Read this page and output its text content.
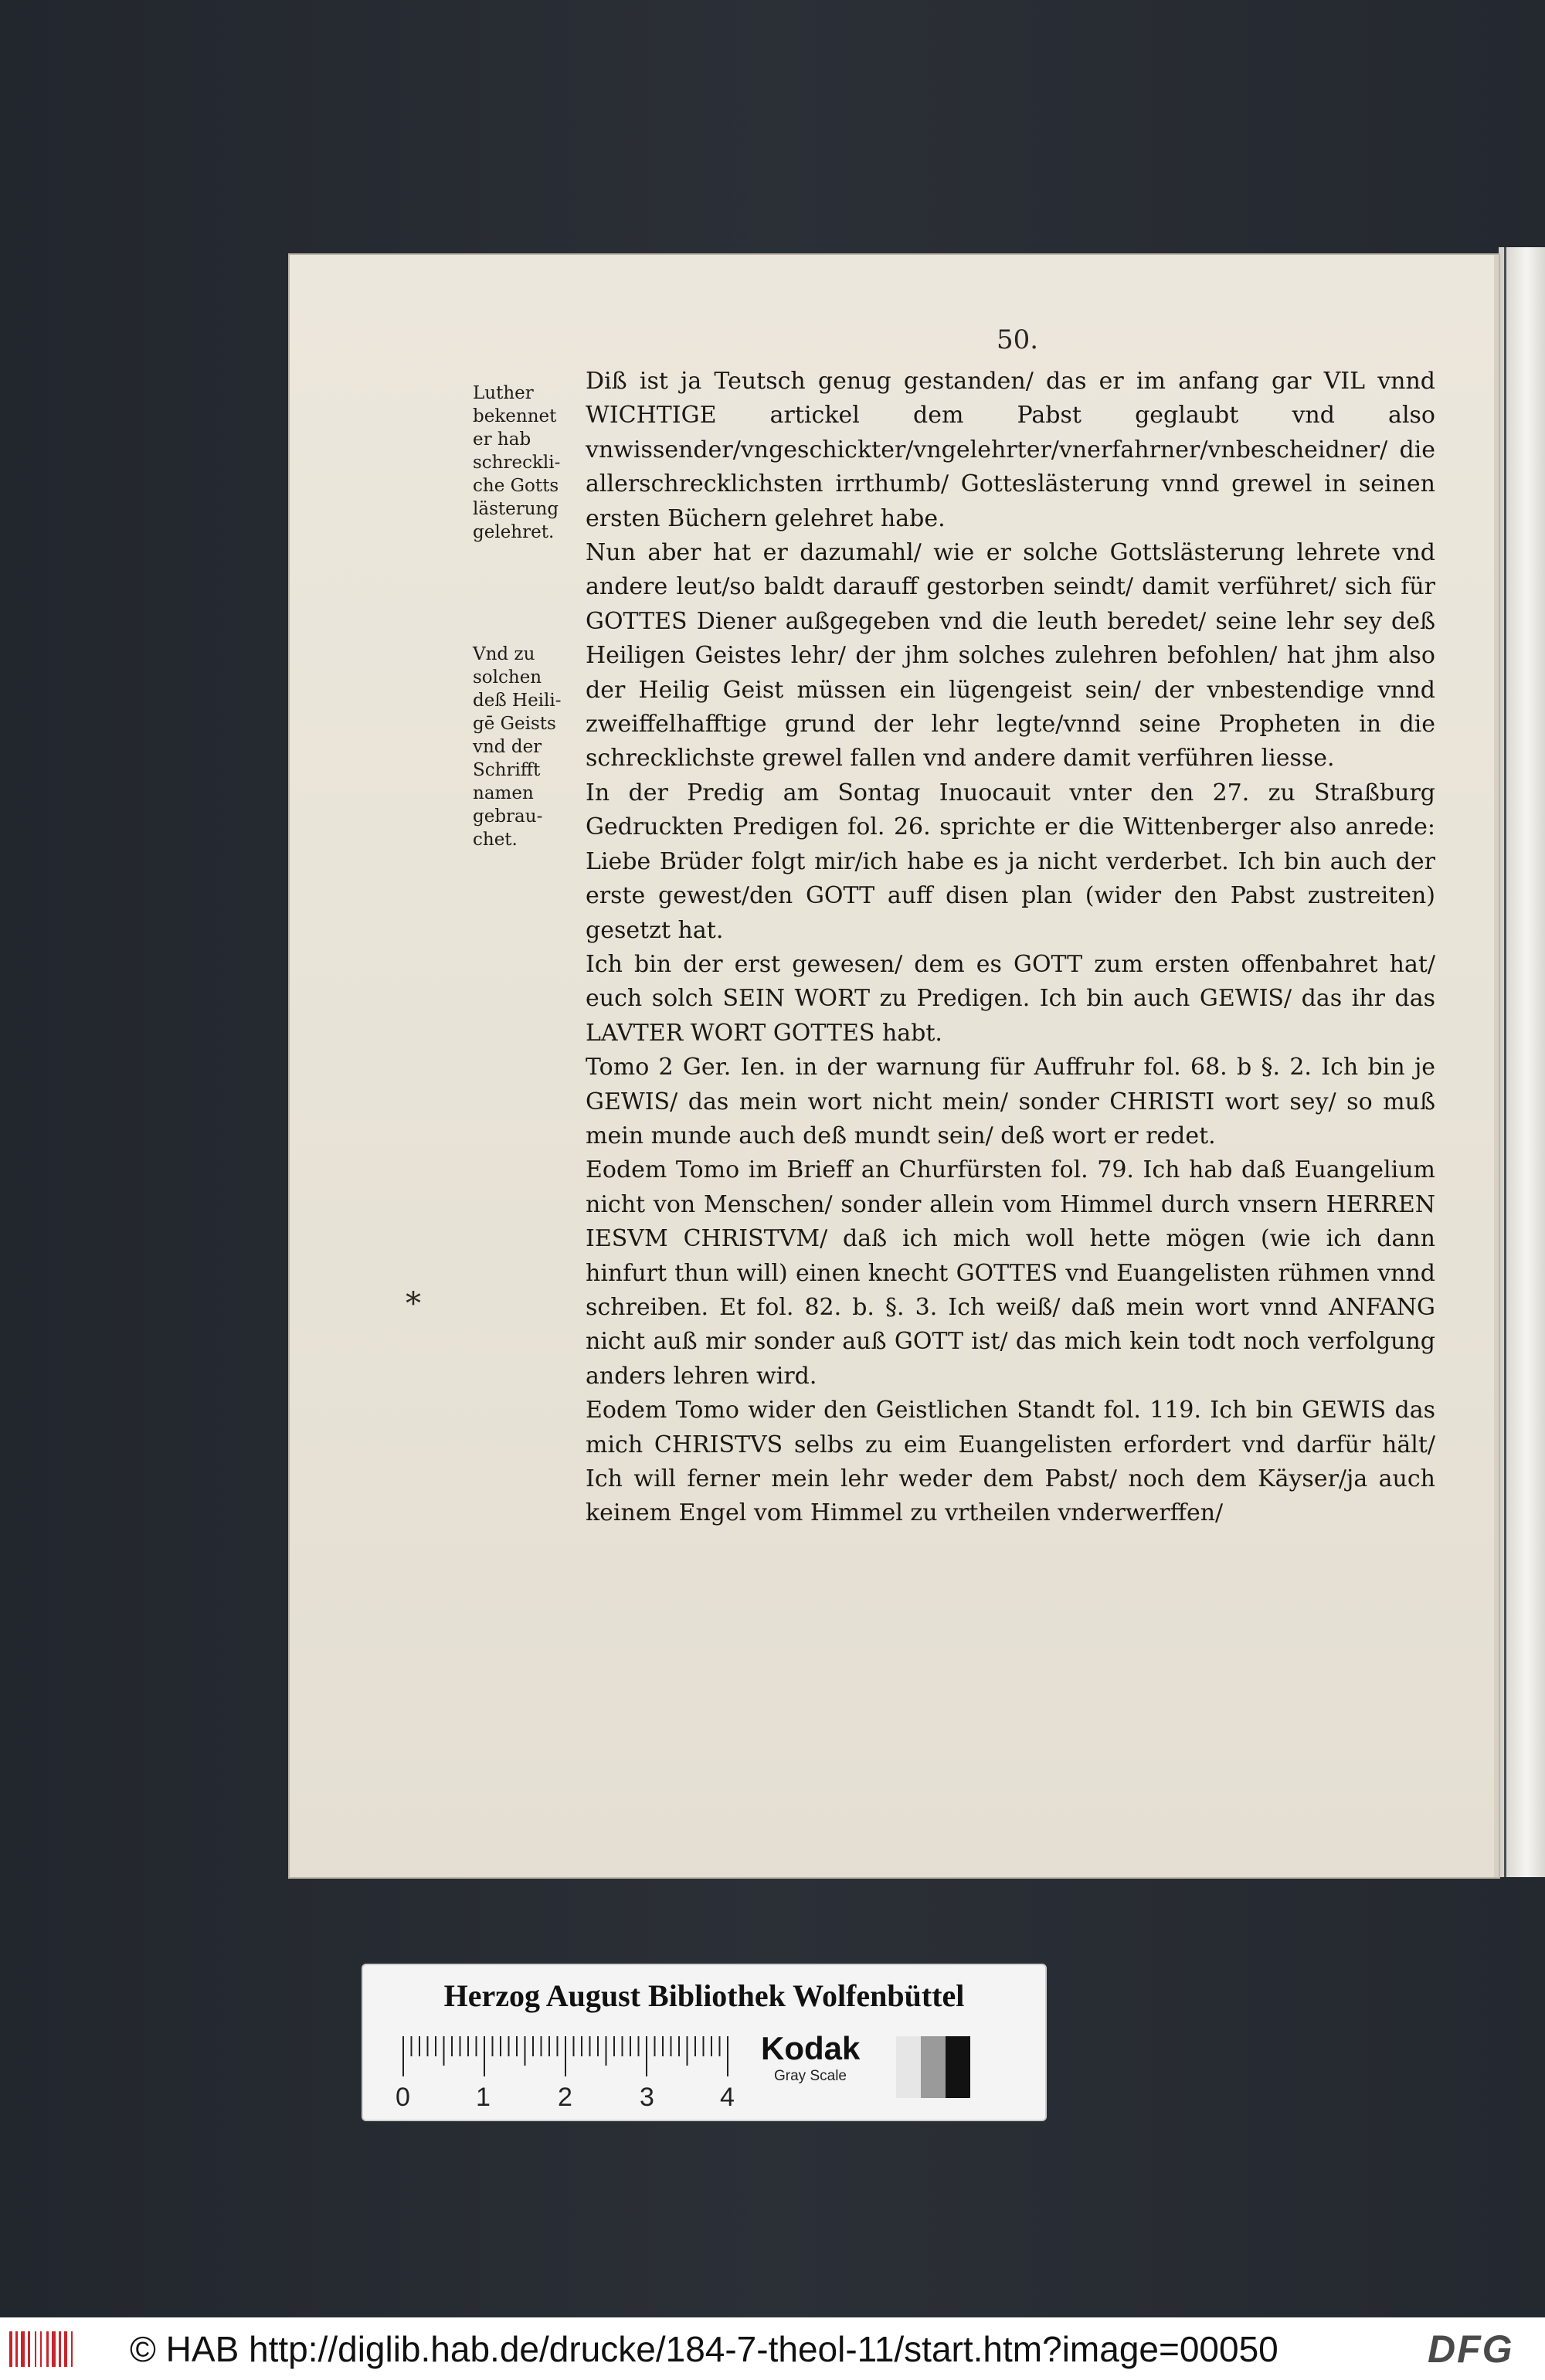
50.
Luther
bekennet
er hab
schreckli-
che Gotts
lästerung
gelehret.
Vnd zu
solchen
deß Heili-
gē Geists
vnd der
Schrifft
namen
gebrau-
chet.

Diß ist ja Teutsch genug gestanden/ das er im anfang gar VIL vnnd WICHTIGE artickel dem Pabst geglaubt vnd also vnwissender/vngeschickter/vngelehrter/vnerfahrner/vnbescheidner/ die allerschrecklichsten irrthumb/ Gotteslästerung vnnd grewel in seinen ersten Büchern gelehret habe.

Nun aber hat er dazumahl/ wie er solche Gottslästerung lehrete vnd andere leut/so baldt darauff gestorben seindt/ damit verführet/ sich für GOTTES Diener außgegeben vnd die leuth beredet/ seine lehr sey deß Heiligen Geistes lehr/ der jhm solches zulehren befohlen/ hat jhm also der Heilig Geist müssen ein lügengeist sein/ der vnbestendige vnnd zweiffelhafftige grund der lehr legte/vnnd seine Propheten in die schrecklichste grewel fallen vnd andere damit verführen liesse.

In der Predig am Sontag Inuocauit vnter den 27. zu Straßburg Gedruckten Predigen fol. 26. sprichte er die Wittenberger also anrede: Liebe Brüder folgt mir/ich habe es ja nicht verderbet. Ich bin auch der erste gewest/den GOTT auff disen plan (wider den Pabst zustreiten) gesetzt hat.

Ich bin der erst gewesen/ dem es GOTT zum ersten offenbahret hat/ euch solch SEIN WORT zu Predigen. Ich bin auch GEWIS/ das ihr das LAVTER WORT GOTTES habt.

Tomo 2 Ger. Ien. in der warnung für Auffruhr fol. 68. b §. 2. Ich bin je GEWIS/ das mein wort nicht mein/ sonder CHRISTI wort sey/ so muß mein munde auch deß mundt sein/ deß wort er redet.

Eodem Tomo im Brieff an Churfürsten fol. 79. Ich hab daß Euangelium nicht von Menschen/ sonder allein vom Himmel durch vnsern HERREN IESVM CHRISTVM/ daß ich mich woll hette mögen (wie ich dann hinfurt thun will) einen knecht GOTTES vnd Euangelisten rühmen vnnd schreiben. Et fol. 82. b. §. 3. Ich weiß/ daß mein wort vnnd ANFANG nicht auß mir sonder auß GOTT ist/ das mich kein todt noch verfolgung anders lehren wird.

Eodem Tomo wider den Geistlichen Standt fol. 119. Ich bin GEWIS das mich CHRISTVS selbs zu eim Euangelisten erfordert vnd darfür hält/ Ich will ferner mein lehr weder dem Pabst/ noch dem Käyser/ja auch keinem Engel vom Himmel zu vrtheilen vnderwerffen/

*
Herzog August Bibliothek Wolfenbüttel
0	1	2	3	4
Kodak
Gray Scale
© HAB http://diglib.hab.de/drucke/184-7-theol-11/start.htm?image=00050	DFG
